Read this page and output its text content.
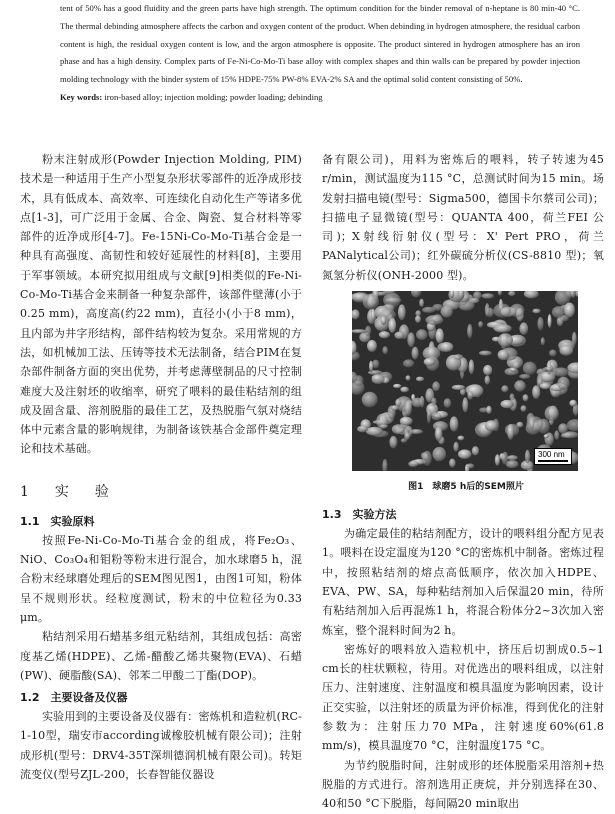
tent of 50% has a good fluidity and the green parts have high strength. The optimum condition for the binder removal of n-heptane is 80 min-40 °C. The thermal debinding atmosphere affects the carbon and oxygen content of the product. When debinding in hydrogen atmosphere, the residual carbon content is high, the residual oxygen content is low, and the argon atmosphere is opposite. The product sintered in hydrogen atmosphere has an iron phase and has a high density. Complex parts of Fe-Ni-Co-Mo-Ti base alloy with complex shapes and thin walls can be prepared by powder injection molding technology with the binder system of 15% HDPE-75% PW-8% EVA-2% SA and the optimal solid content consisting of 50%.

Key words: iron-based alloy; injection molding; powder loading; debinding

粉末注射成形(Powder Injection Molding, PIM)技术是一种适用于生产小型复杂形状零部件的近净成形技术，具有低成本、高效率、可连续化自动化生产等诸多优点[1-3]，可广泛用于金属、合金、陶瓷、复合材料等零部件的近净成形[4-7]。Fe-15Ni-Co-Mo-Ti基合金是一种具有高强度、高韧性和较好延展性的材料[8]，主要用于军事领域。本研究拟用组成与文献[9]相类似的Fe-Ni-Co-Mo-Ti基合金来制备一种复杂部件，该部件壁薄(小于0.25 mm)，高度高(约22 mm)，直径小(小于8 mm)，且内部为井字形结构，部件结构较为复杂。采用常规的方法，如机械加工法、压铸等技术无法制备，结合PIM在复杂部件制备方面的突出优势，并考虑薄壁制品的尺寸控制难度大及注射坯的收缩率，研究了喂料的最佳粘结剂的组成及固含量、溶剂脱脂的最佳工艺，及热脱脂气氛对烧结体中元素含量的影响规律，为制备该铁基合金部件奠定理论和技术基础。

1　实　验
1.1　实验原料

按照Fe-Ni-Co-Mo-Ti基合金的组成，将Fe₂O₃、NiO、Co₃O₄和钼粉等粉末进行混合，加水球磨5 h，混合粉末经球磨处理后的SEM图见图1，由图1可知，粉体呈不规则形状。经粒度测试，粉末的中位粒径为0.33 μm。

粘结剂采用石蜡基多组元粘结剂，其组成包括：高密度基乙烯(HDPE)、乙烯-醋酸乙烯共聚物(EVA)、石蜡(PW)、硬脂酸(SA)、邻苯二甲酸二丁酯(DOP)。

1.2　主要设备及仪器

实验用到的主要设备及仪器有：密炼机和造粒机(RC-1-10型，瑞安市according诚橡胶机械有限公司)；注射成形机(型号：DRV4-35T深圳德润机械有限公司)。转矩流变仪(型号ZJL-200，长春智能仪器设

备有限公司)，用料为密炼后的喂料，转子转速为45 r/min，测试温度为115 °C，总测试时间为15 min。场发射扫描电镜(型号：Sigma500，德国卡尔蔡司公司)；扫描电子显微镜(型号：QUANTA 400，荷兰FEI 公司)；X射线衍射仪(型号：X' Pert PRO，荷兰PANalytical公司)；红外碳硫分析仪(CS-8810 型)；氧氮氢分析仪(ONH-2000 型)。

300 nm
图1　球磨5 h后的SEM照片
1.3　实验方法

为确定最佳的粘结剂配方，设计的喂料组分配方见表1。喂料在设定温度为120 °C的密炼机中制备。密炼过程中，按照粘结剂的熔点高低顺序，依次加入HDPE、EVA、PW、SA，每种粘结剂加入后保温20 min，待所有粘结剂加入后再混炼1 h，将混合粉体分2~3次加入密炼室，整个混料时间为2 h。

密炼好的喂料放入造粒机中，挤压后切割成0.5~1 cm长的柱状颗粒，待用。对优选出的喂料组成，以注射压力、注射速度、注射温度和模具温度为影响因素，设计正交实验，以注射坯的质量为评价标准，得到优化的注射参数为：注射压力70 MPa，注射速度60%(61.8 mm/s)，模具温度70 °C，注射温度175 °C。

为节约脱脂时间，注射成形的坯体脱脂采用溶剂+热脱脂的方式进行。溶剂选用正庚烷，并分别选择在30、40和50 °C下脱脂，每间隔20 min取出
